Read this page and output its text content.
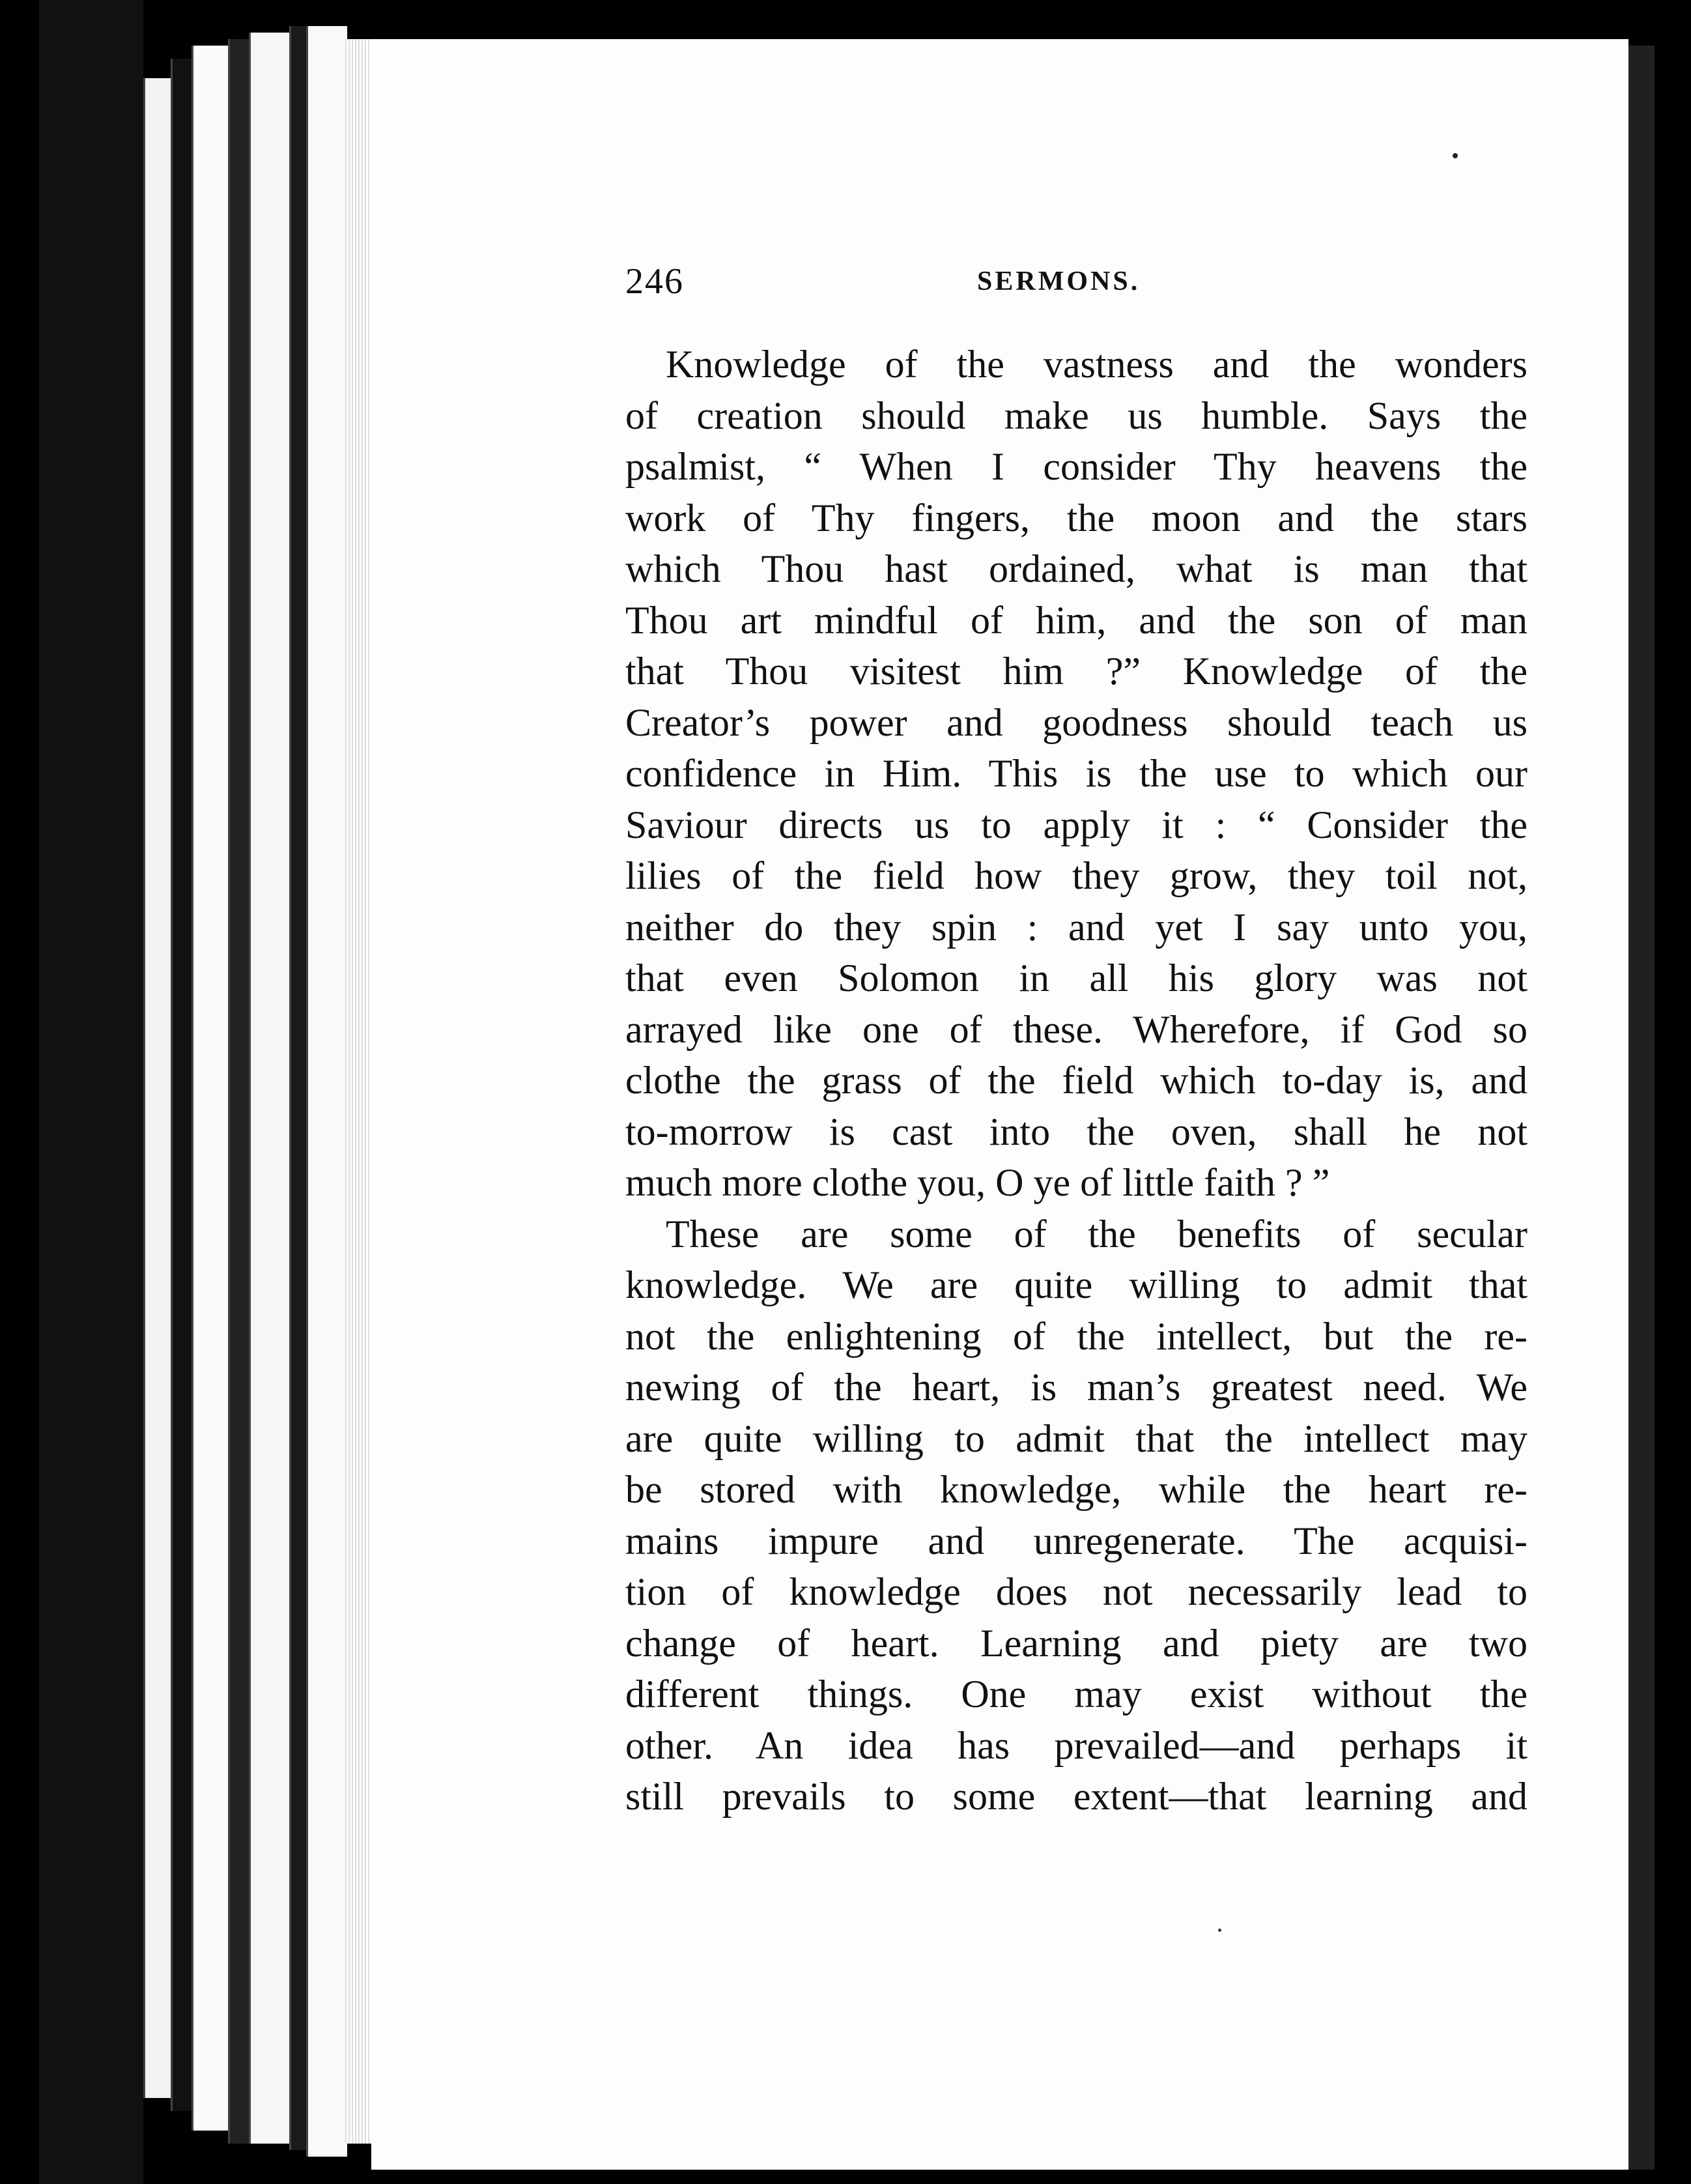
246	SERMONS.
Knowledge of the vastness and the wonders
of creation should make us humble. Says the
psalmist, “ When I consider Thy heavens the
work of Thy fingers, the moon and the stars
which Thou hast ordained, what is man that
Thou art mindful of him, and the son of man
that Thou visitest him ?” Knowledge of the
Creator’s power and goodness should teach us
confidence in Him. This is the use to which our
Saviour directs us to apply it : “ Consider the
lilies of the field how they grow, they toil not,
neither do they spin : and yet I say unto you,
that even Solomon in all his glory was not
arrayed like one of these. Wherefore, if God so
clothe the grass of the field which to-day is, and
to-morrow is cast into the oven, shall he not
much more clothe you, O ye of little faith ? ”
These are some of the benefits of secular
knowledge. We are quite willing to admit that
not the enlightening of the intellect, but the re-
newing of the heart, is man’s greatest need. We
are quite willing to admit that the intellect may
be stored with knowledge, while the heart re-
mains impure and unregenerate. The acquisi-
tion of knowledge does not necessarily lead to
change of heart. Learning and piety are two
different things. One may exist without the
other. An idea has prevailed—and perhaps it
still prevails to some extent—that learning and
